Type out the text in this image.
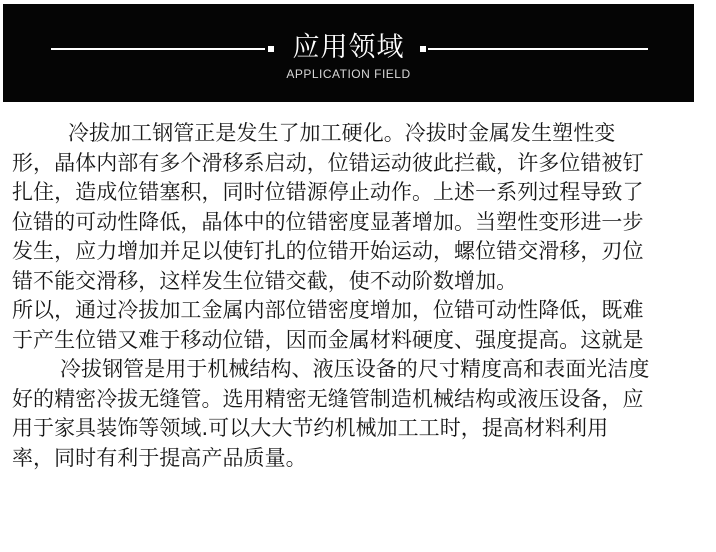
应用领域
APPLICATION FIELD
冷拔加工钢管正是发生了加工硬化。冷拔时金属发生塑性变
形，晶体内部有多个滑移系启动，位错运动彼此拦截，许多位错被钉
扎住，造成位错塞积，同时位错源停止动作。上述一系列过程导致了
位错的可动性降低，晶体中的位错密度显著增加。当塑性变形进一步
发生，应力增加并足以使钉扎的位错开始运动，螺位错交滑移，刃位
错不能交滑移，这样发生位错交截，使不动阶数增加。
所以，通过冷拔加工金属内部位错密度增加，位错可动性降低，既难
于产生位错又难于移动位错，因而金属材料硬度、强度提高。这就是
冷拔钢管是用于机械结构、液压设备的尺寸精度高和表面光洁度
好的精密冷拔无缝管。选用精密无缝管制造机械结构或液压设备，应
用于家具装饰等领域.可以大大节约机械加工工时，提高材料利用
率，同时有利于提高产品质量。
